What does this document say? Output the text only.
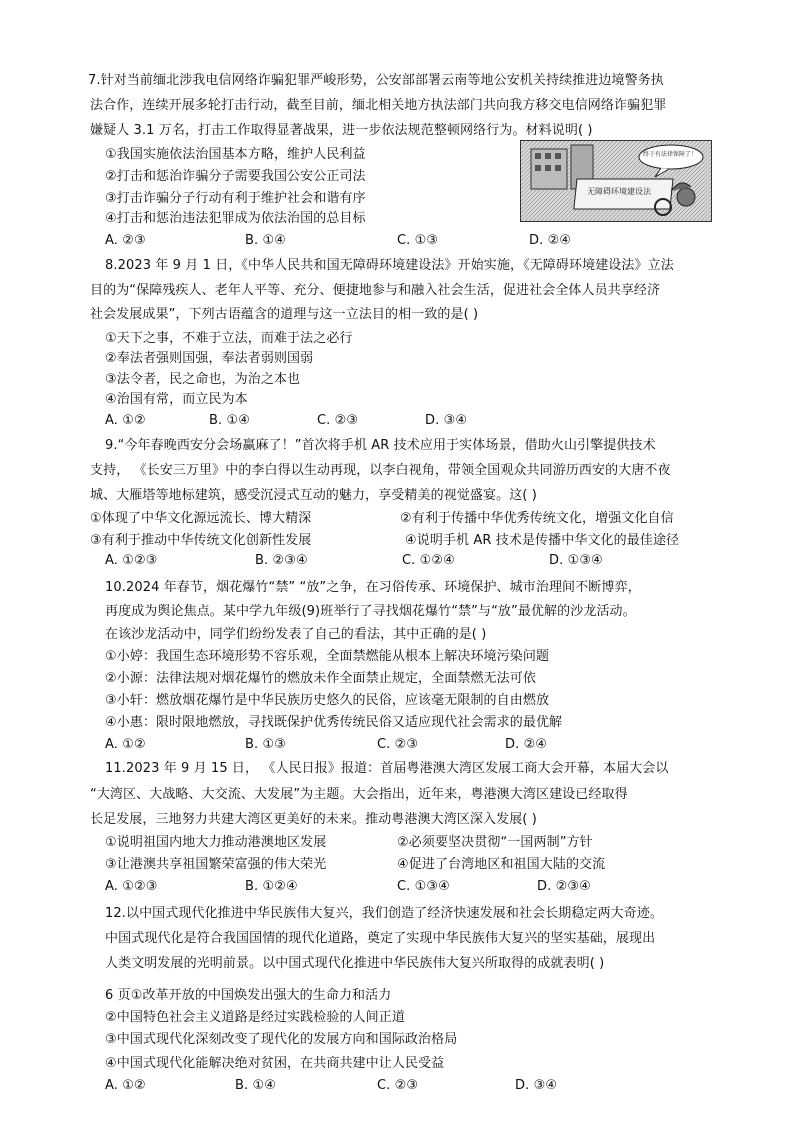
7.针对当前缅北涉我电信网络诈骗犯罪严峻形势，公安部部署云南等地公安机关持续推进边境警务执
法合作，连续开展多轮打击行动，截至目前，缅北相关地方执法部门共向我方移交电信网络诈骗犯罪
嫌疑人 3.1 万名，打击工作取得显著战果，进一步依法规范整顿网络行为。材料说明( )
①我国实施依法治国基本方略，维护人民利益
②打击和惩治诈骗分子需要我国公安公正司法
③打击诈骗分子行动有利于维护社会和谐有序
④打击和惩治违法犯罪成为依法治国的总目标
A. ②③	B. ①④	C. ①③	D. ②④
无障碍环境建设法
终于有法律保障了！
8.2023 年 9 月 1 日，《中华人民共和国无障碍环境建设法》开始实施，《无障碍环境建设法》立法
目的为“保障残疾人、老年人平等、充分、便捷地参与和融入社会生活，促进社会全体人员共享经济
社会发展成果”，下列古语蕴含的道理与这一立法目的相一致的是( )
①天下之事，不难于立法，而难于法之必行
②奉法者强则国强，奉法者弱则国弱
③法令者，民之命也，为治之本也
④治国有常，而立民为本
A. ①②	B. ①④	C. ②③	D. ③④
9.“今年春晚西安分会场赢麻了！”首次将手机 AR 技术应用于实体场景，借助火山引擎提供技术
支持， 《长安三万里》中的李白得以生动再现，以李白视角，带领全国观众共同游历西安的大唐不夜
城、大雁塔等地标建筑，感受沉浸式互动的魅力，享受精美的视觉盛宴。这( )
①体现了中华文化源远流长、博大精深	②有利于传播中华优秀传统文化，增强文化自信
③有利于推动中华传统文化创新性发展	④说明手机 AR 技术是传播中华文化的最佳途径
A. ①②③	B. ②③④	C. ①②④	D. ①③④
10.2024 年春节，烟花爆竹“禁” “放”之争，在习俗传承、环境保护、城市治理间不断博弈，
再度成为舆论焦点。某中学九年级(9)班举行了寻找烟花爆竹“禁”与“放”最优解的沙龙活动。
在该沙龙活动中，同学们纷纷发表了自己的看法，其中正确的是( )
①小婷：我国生态环境形势不容乐观，全面禁燃能从根本上解决环境污染问题
②小源：法律法规对烟花爆竹的燃放未作全面禁止规定，全面禁燃无法可依
③小轩：燃放烟花爆竹是中华民族历史悠久的民俗，应该毫无限制的自由燃放
④小惠：限时限地燃放，寻找既保护优秀传统民俗又适应现代社会需求的最优解
A. ①②	B. ①③	C. ②③	D. ②④
11.2023 年 9 月 15 日， 《人民日报》报道：首届粤港澳大湾区发展工商大会开幕，本届大会以
“大湾区、大战略、大交流、大发展”为主题。大会指出，近年来，粤港澳大湾区建设已经取得
长足发展，三地努力共建大湾区更美好的未来。推动粤港澳大湾区深入发展( )
①说明祖国内地大力推动港澳地区发展	②必须要坚决贯彻“一国两制”方针
③让港澳共享祖国繁荣富强的伟大荣光	④促进了台湾地区和祖国大陆的交流
A. ①②③	B. ①②④	C. ①③④	D. ②③④
12.以中国式现代化推进中华民族伟大复兴，我们创造了经济快速发展和社会长期稳定两大奇迹。
中国式现代化是符合我国国情的现代化道路，奠定了实现中华民族伟大复兴的坚实基础，展现出
人类文明发展的光明前景。以中国式现代化推进中华民族伟大复兴所取得的成就表明( )
6 页①改革开放的中国焕发出强大的生命力和活力
②中国特色社会主义道路是经过实践检验的人间正道
③中国式现代化深刻改变了现代化的发展方向和国际政治格局
④中国式现代化能解决绝对贫困，在共商共建中让人民受益
A. ①②	B. ①④	C. ②③	D. ③④
